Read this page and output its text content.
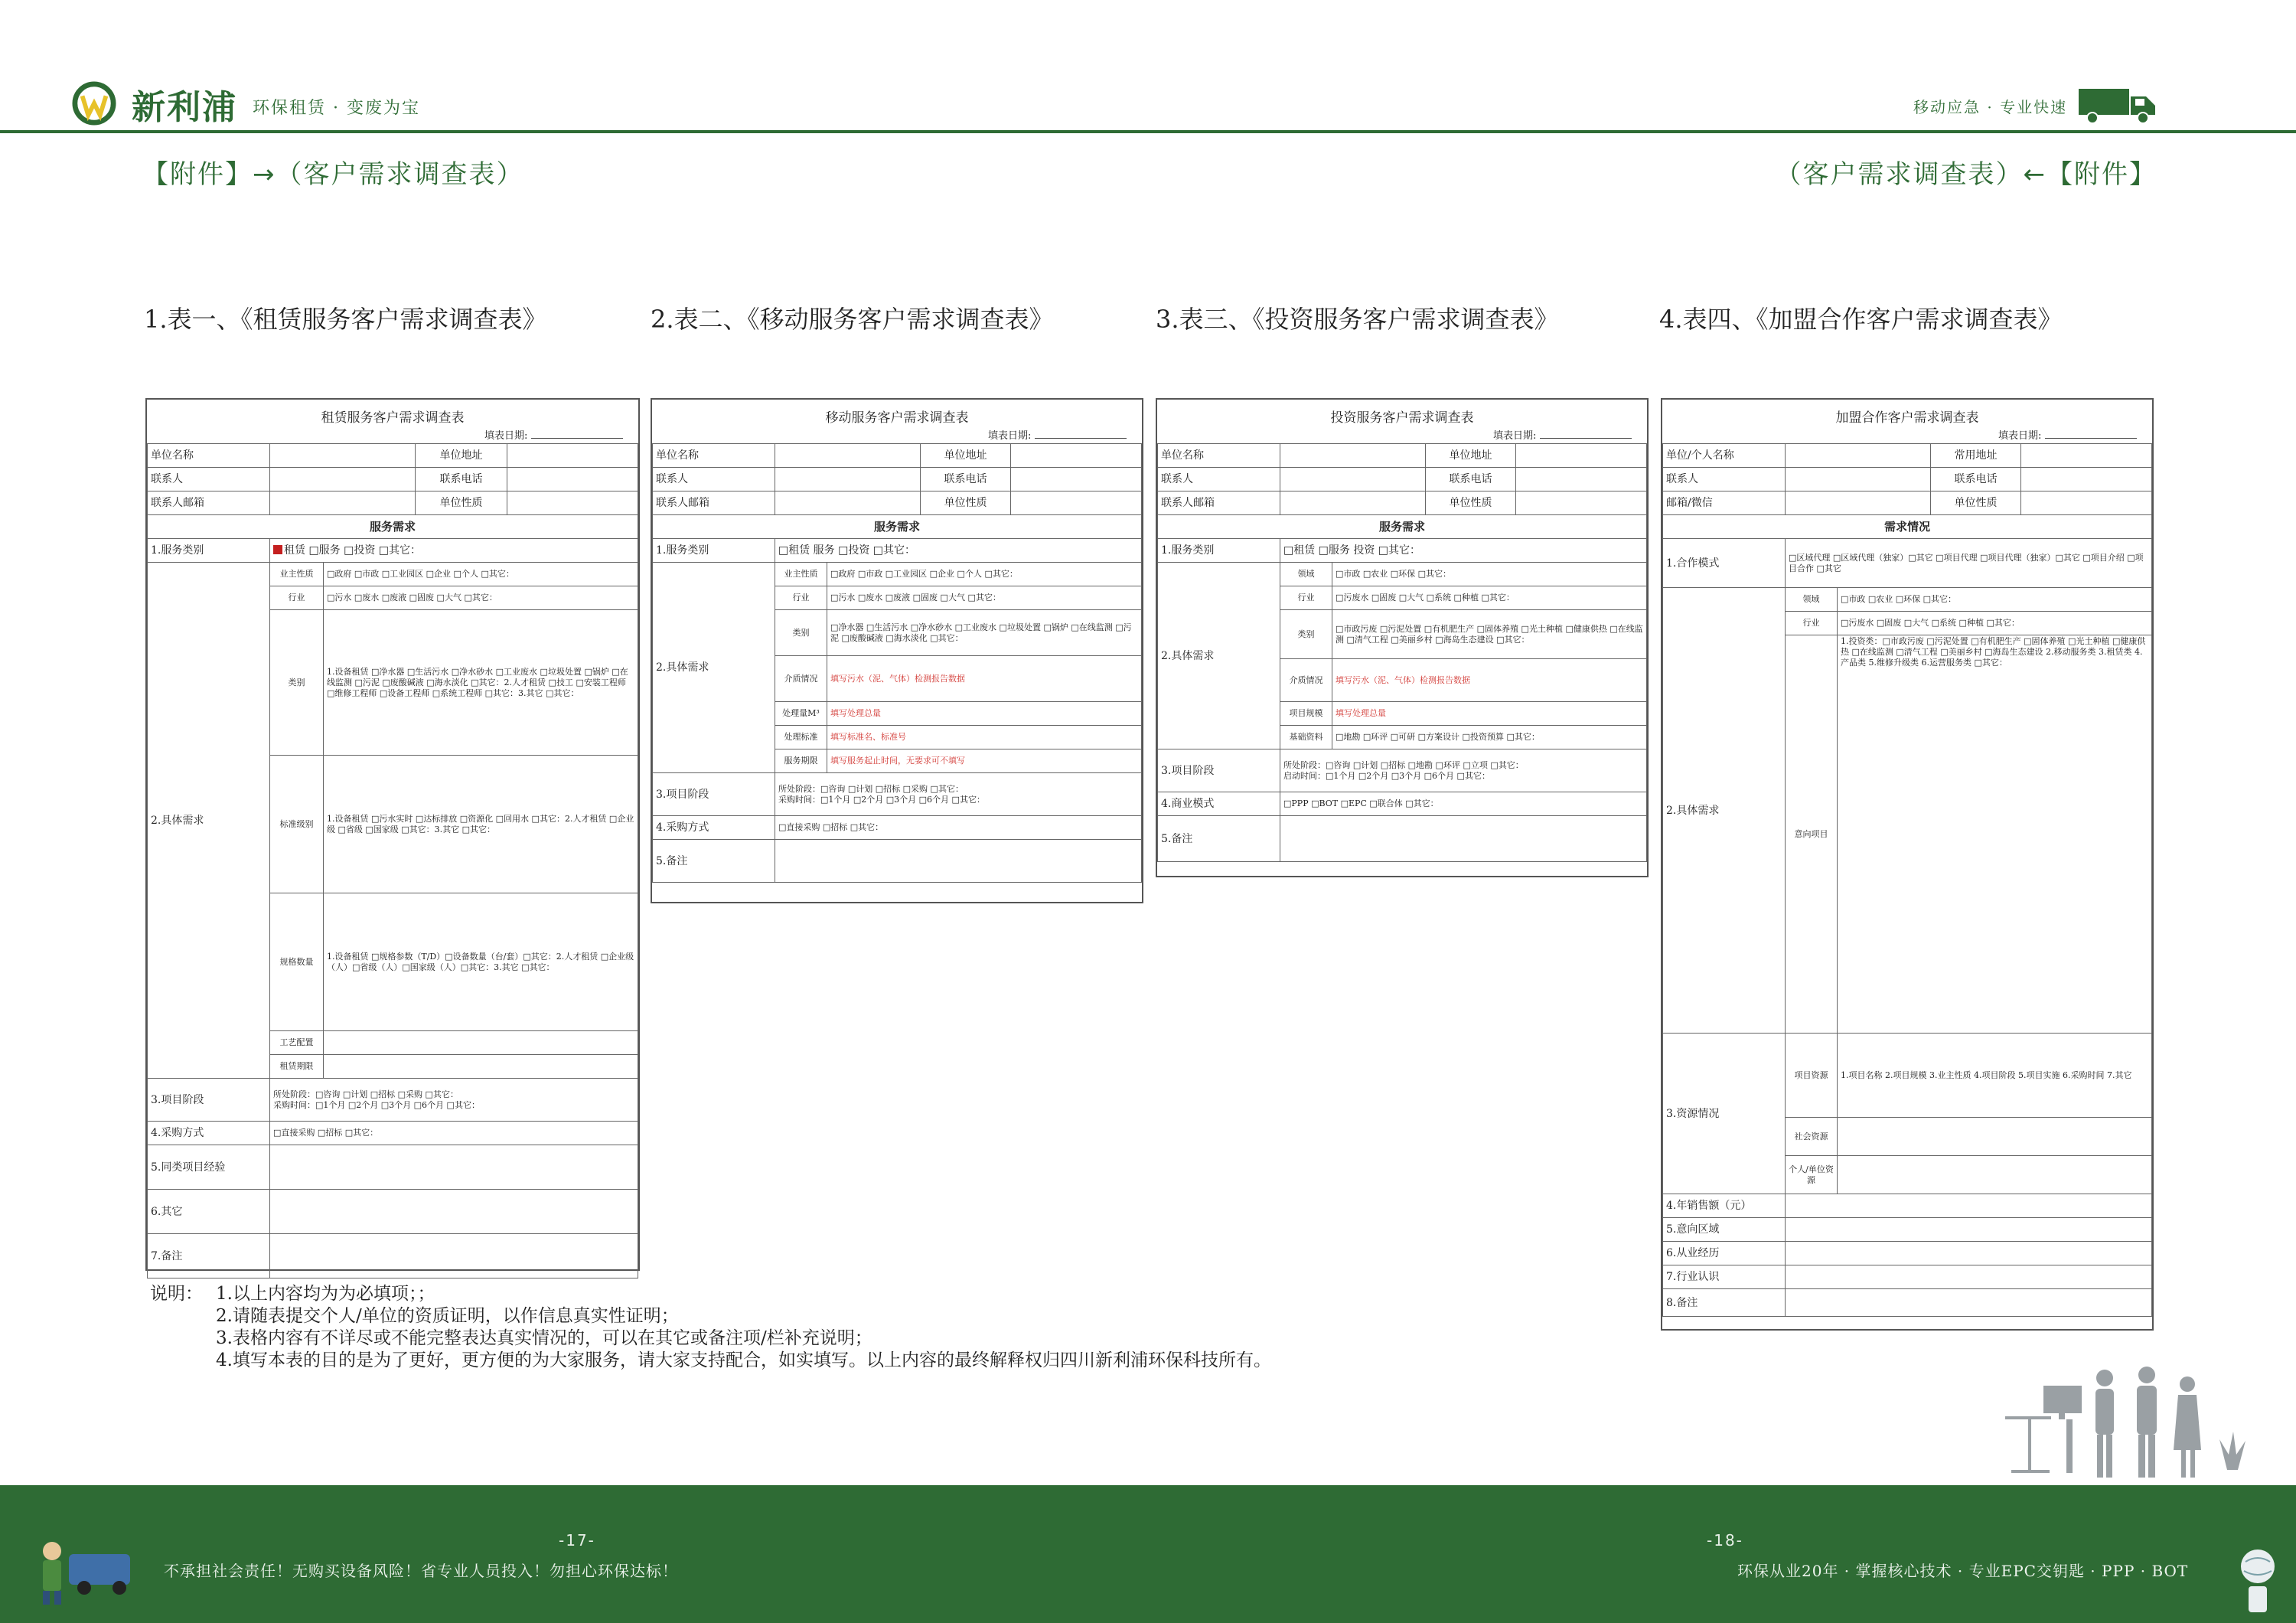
新利浦 环保租赁 · 变废为宝	移动应急 · 专业快速
【附件】→（客户需求调查表）	（客户需求调查表）←【附件】
1.表一、《租赁服务客户需求调查表》	2.表二、《移动服务客户需求调查表》	3.表三、《投资服务客户需求调查表》	4.表四、《加盟合作客户需求调查表》
租赁服务客户需求调查表				
填表日期:				
单位名称			单位地址	
联系人			联系电话	
联系人邮箱			单位性质	
服务需求				
1.服务类别	租赁 □服务 □投资 □其它：			
2.具体需求	业主性质	□政府 □市政 □工业园区 □企业 □个人 □其它：		
	行业	□污水 □废水 □废液 □固废 □大气 □其它：		
	类别	1.设备租赁 □净水器 □生活污水 □净水砂水 □工业废水 □垃圾处置 □锅炉 □在线监测 □污泥 □废酸碱液 □海水淡化 □其它：2.人才租赁 □技工 □安装工程师 □维修工程师 □设备工程师 □系统工程师 □其它：3.其它 □其它：		
	标准级别	1.设备租赁 □污水实时 □达标排放 □资源化 □回用水 □其它：2.人才租赁 □企业级 □省级 □国家级 □其它：3.其它 □其它：		
	规格数量	1.设备租赁 □规格参数（T/D）□设备数量（台/套）□其它：2.人才租赁 □企业级（人）□省级（人）□国家级（人）□其它：3.其它 □其它：		
	工艺配置			
	租赁期限			
3.项目阶段	所处阶段：□咨询 □计划 □招标 □采购 □其它：
采购时间：□1个月 □2个月 □3个月 □6个月 □其它：			

4.采购方式	□直接采购 □招标 □其它：			
5.同类项目经验				
6.其它				
7.备注				
移动服务客户需求调查表				
填表日期:				
单位名称			单位地址	
联系人			联系电话	
联系人邮箱			单位性质	
服务需求				
1.服务类别	□租赁 服务 □投资 □其它：			
2.具体需求	业主性质	□政府 □市政 □工业园区 □企业 □个人 □其它：		
	行业	□污水 □废水 □废液 □固废 □大气 □其它：		
	类别	□净水器 □生活污水 □净水砂水 □工业废水 □垃圾处置 □锅炉 □在线监测 □污泥 □废酸碱液 □海水淡化 □其它：		
	介质情况	填写污水（泥、气体）检测报告数据		
	处理量M³	填写处理总量		
	处理标准	填写标准名、标准号		
	服务期限	填写服务起止时间，无要求可不填写		
3.项目阶段	所处阶段：□咨询 □计划 □招标 □采购 □其它：
采购时间：□1个月 □2个月 □3个月 □6个月 □其它：			

4.采购方式	□直接采购 □招标 □其它：			
5.备注				
投资服务客户需求调查表				
填表日期:				
单位名称			单位地址	
联系人			联系电话	
联系人邮箱			单位性质	
服务需求				
1.服务类别	□租赁 □服务 投资 □其它：			
2.具体需求	领域	□市政 □农业 □环保 □其它：		
	行业	□污废水 □固废 □大气 □系统 □种植 □其它：		
	类别	□市政污废 □污泥处置 □有机肥生产 □固体养殖 □光土种植 □健康供热 □在线监测 □清气工程 □美丽乡村 □海岛生态建设 □其它：		
	介质情况	填写污水（泥、气体）检测报告数据		
	项目规模	填写处理总量		
	基础资料	□地勘 □环评 □可研 □方案设计 □投资预算 □其它：		
3.项目阶段	所处阶段：□咨询 □计划 □招标 □地勘 □环评 □立项 □其它：
启动时间：□1个月 □2个月 □3个月 □6个月 □其它：			

4.商业模式	□PPP □BOT □EPC □联合体 □其它：			
5.备注				
加盟合作客户需求调查表				
填表日期:				
单位/个人名称			常用地址	
联系人			联系电话	
邮箱/微信			单位性质	
需求情况				
1.合作模式	□区域代理 □区域代理（独家）□其它 □项目代理 □项目代理（独家）□其它 □项目介绍 □项目合作 □其它			
2.具体需求	领域	□市政 □农业 □环保 □其它：		
	行业	□污废水 □固废 □大气 □系统 □种植 □其它：		
	意向项目	1.投资类：□市政污废 □污泥处置 □有机肥生产 □固体养殖 □光土种植 □健康供热 □在线监测 □清气工程 □美丽乡村 □海岛生态建设 2.移动服务类 3.租赁类 4.产品类 5.维修升级类 6.运营服务类 □其它：		
3.资源情况	项目资源	1.项目名称 2.项目规模 3.业主性质 4.项目阶段 5.项目实施 6.采购时间 7.其它		
	社会资源			
	个人/单位资源			
4.年销售额（元）				
5.意向区域				
6.从业经历				
7.行业认识				
8.备注				
说明： 1.以上内容均为为必填项；；
2.请随表提交个人/单位的资质证明，以作信息真实性证明；
3.表格内容有不详尽或不能完整表达真实情况的，可以在其它或备注项/栏补充说明；
4.填写本表的目的是为了更好，更方便的为大家服务，请大家支持配合，如实填写。以上内容的最终解释权归四川新利浦环保科技所有。
-17-	-18-
不承担社会责任！无购买设备风险！省专业人员投入！勿担心环保达标！	环保从业20年 · 掌握核心技术 · 专业EPC交钥匙 · PPP · BOT
